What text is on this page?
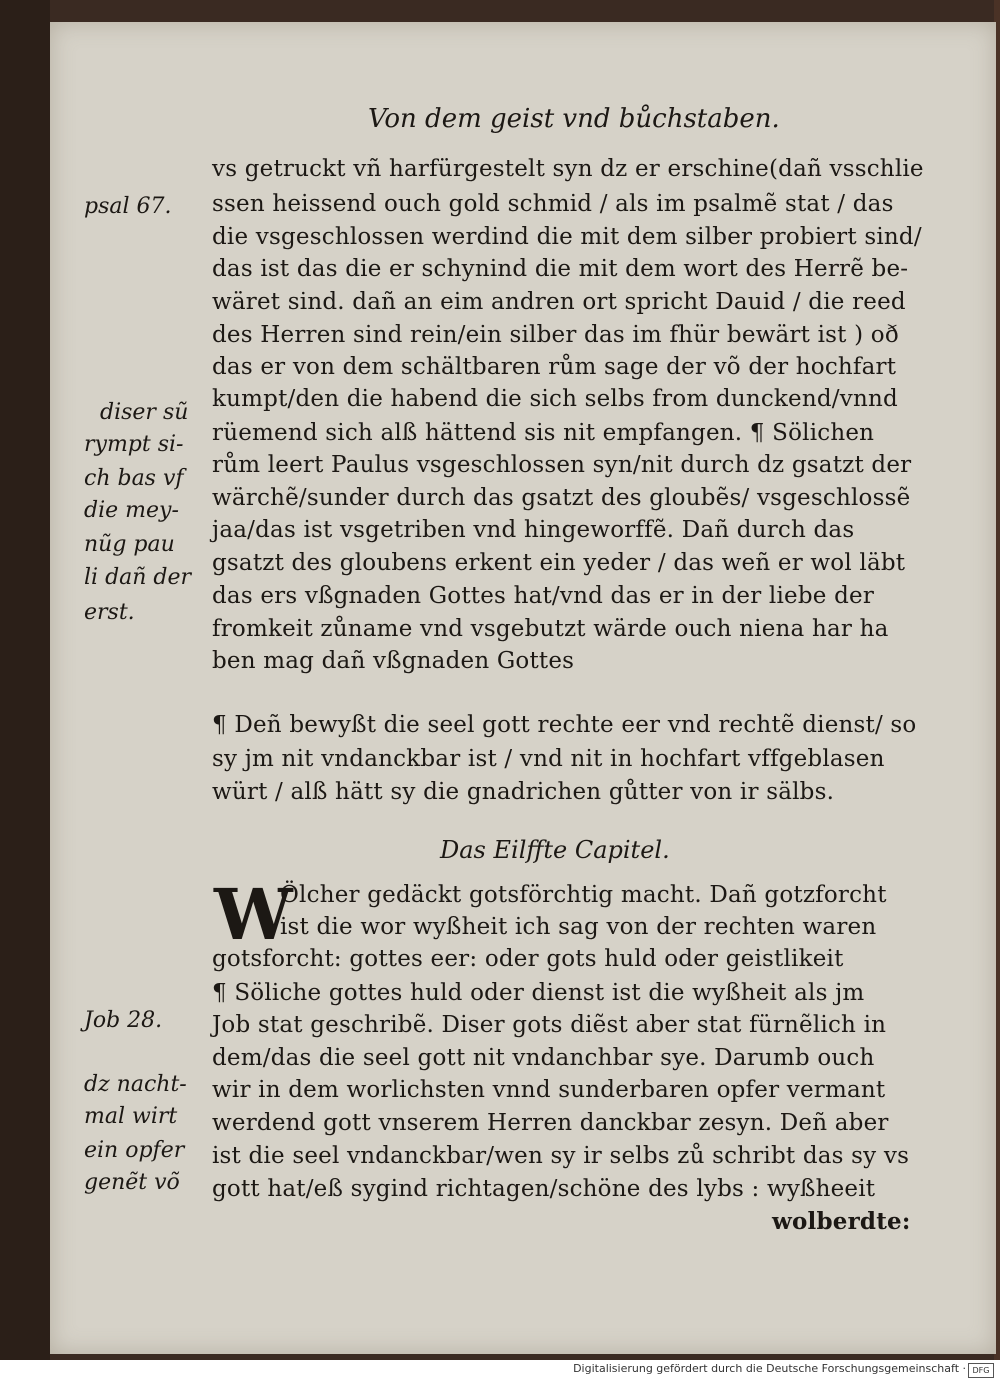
Von dem geist vnd bůchstaben.
vs getruckt vñ harfürgestelt syn dz er erschine(dañ vsschlie
ssen heissend ouch gold schmid / als im psalmẽ stat / das
die vsgeschlossen werdind die mit dem silber probiert sind/
das ist das die er schynind die mit dem wort des Herrẽ be-
wäret sind. dañ an eim andren ort spricht Dauid / die reed
des Herren sind rein/ein silber das im fhür bewärt ist ) oð
das er von dem schältbaren rům sage der võ der hochfart
kumpt/den die habend die sich selbs from dunckend/vnnd
rüemend sich alß hättend sis nit empfangen. ¶ Sölichen
rům leert Paulus vsgeschlossen syn/nit durch dz gsatzt der
wärchẽ/sunder durch das gsatzt des gloubẽs/ vsgeschlossẽ
jaa/das ist vsgetriben vnd hingeworffẽ. Dañ durch das
gsatzt des gloubens erkent ein yeder / das weñ er wol läbt
das ers vßgnaden Gottes hat/vnd das er in der liebe der
fromkeit zůname vnd vsgebutzt wärde ouch niena har ha
ben mag dañ vßgnaden Gottes
¶ Deñ bewyßt die seel gott rechte eer vnd rechtẽ dienst/ so
sy jm nit vndanckbar ist / vnd nit in hochfart vffgeblasen
würt / alß hätt sy die gnadrichen gůtter von ir sälbs.
Das Eilffte Capitel.
W
Ölcher gedäckt gotsförchtig macht. Dañ gotzforcht
ist die wor wyßheit ich sag von der rechten waren
gotsforcht: gottes eer: oder gots huld oder geistlikeit
¶ Söliche gottes huld oder dienst ist die wyßheit als jm
Job stat geschribẽ. Diser gots diẽst aber stat fürnẽlich in
dem/das die seel gott nit vndanchbar sye. Darumb ouch
wir in dem worlichsten vnnd sunderbaren opfer vermant
werdend gott vnserem Herren danckbar zesyn. Deñ aber
ist die seel vndanckbar/wen sy ir selbs zů schribt das sy vs
gott hat/eß sygind richtagen/schöne des lybs : wyßheeit
wolberdte:
psal 67.
diser sũ
rympt si-
ch bas vf
die mey-
nũg pau
li dañ der
erst.
Job 28.
dz nacht-
mal wirt
ein opfer
genẽt võ
Digitalisierung gefördert durch die Deutsche Forschungsgemeinschaft · DFG
